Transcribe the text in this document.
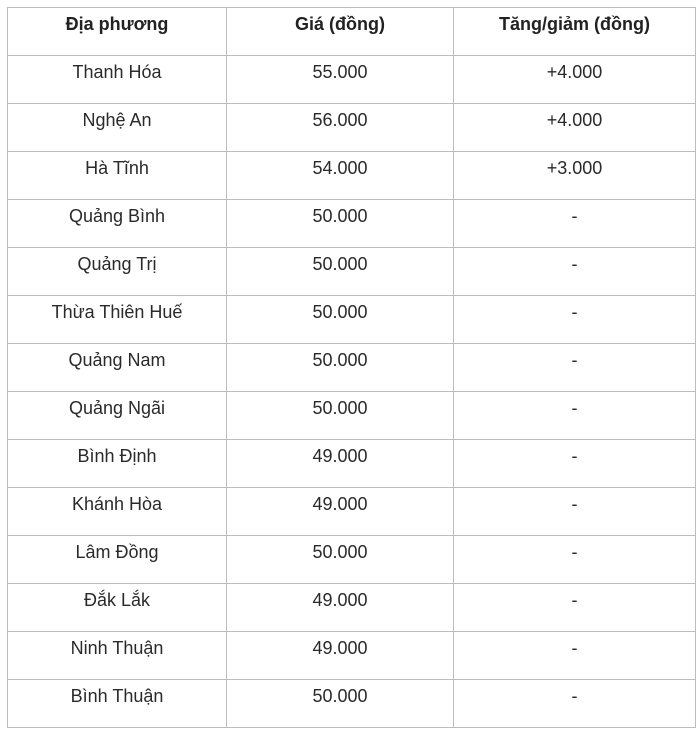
Địa phương	Giá (đồng)	Tăng/giảm (đồng)
Thanh Hóa	55.000	+4.000
Nghệ An	56.000	+4.000
Hà Tĩnh	54.000	+3.000
Quảng Bình	50.000	-
Quảng Trị	50.000	-
Thừa Thiên Huế	50.000	-
Quảng Nam	50.000	-
Quảng Ngãi	50.000	-
Bình Định	49.000	-
Khánh Hòa	49.000	-
Lâm Đồng	50.000	-
Đắk Lắk	49.000	-
Ninh Thuận	49.000	-
Bình Thuận	50.000	-
